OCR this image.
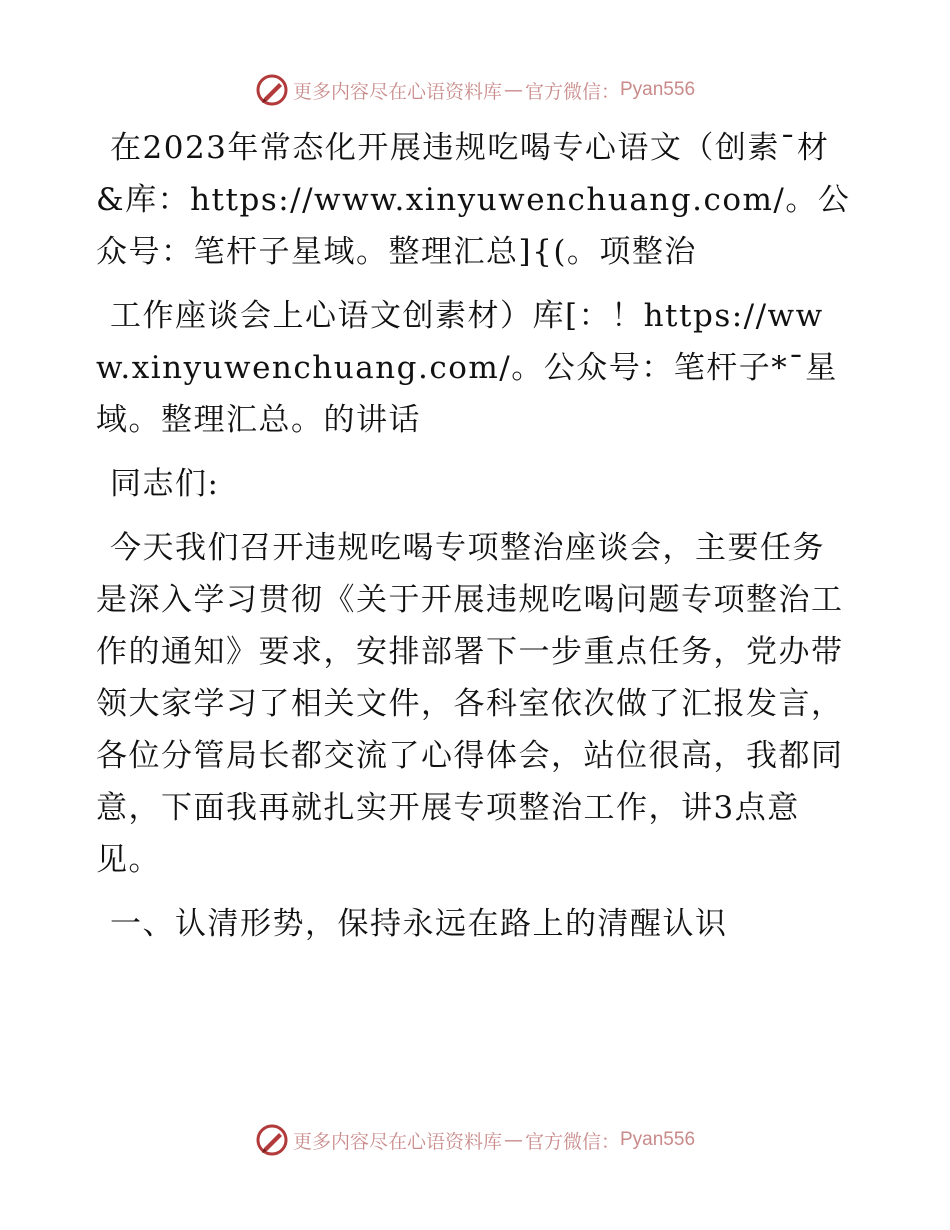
更多内容尽在心语资料库 — 官方微信： Pyan556

在2023年常态化开展违规吃喝专心语文（创素¯材&库：https://www.xinyuwenchuang.com/。公众号：笔杆子星域。整理汇总]{(。项整治

工作座谈会上心语文创素材）库[：！https://www.xinyuwenchuang.com/。公众号：笔杆子*¯星域。整理汇总。的讲话

同志们:

今天我们召开违规吃喝专项整治座谈会，主要任务是深入学习贯彻《关于开展违规吃喝问题专项整治工作的通知》要求，安排部署下一步重点任务，党办带领大家学习了相关文件，各科室依次做了汇报发言，各位分管局长都交流了心得体会，站位很高，我都同意，下面我再就扎实开展专项整治工作，讲3点意见。

一、认清形势，保持永远在路上的清醒认识

更多内容尽在心语资料库 — 官方微信： Pyan556
